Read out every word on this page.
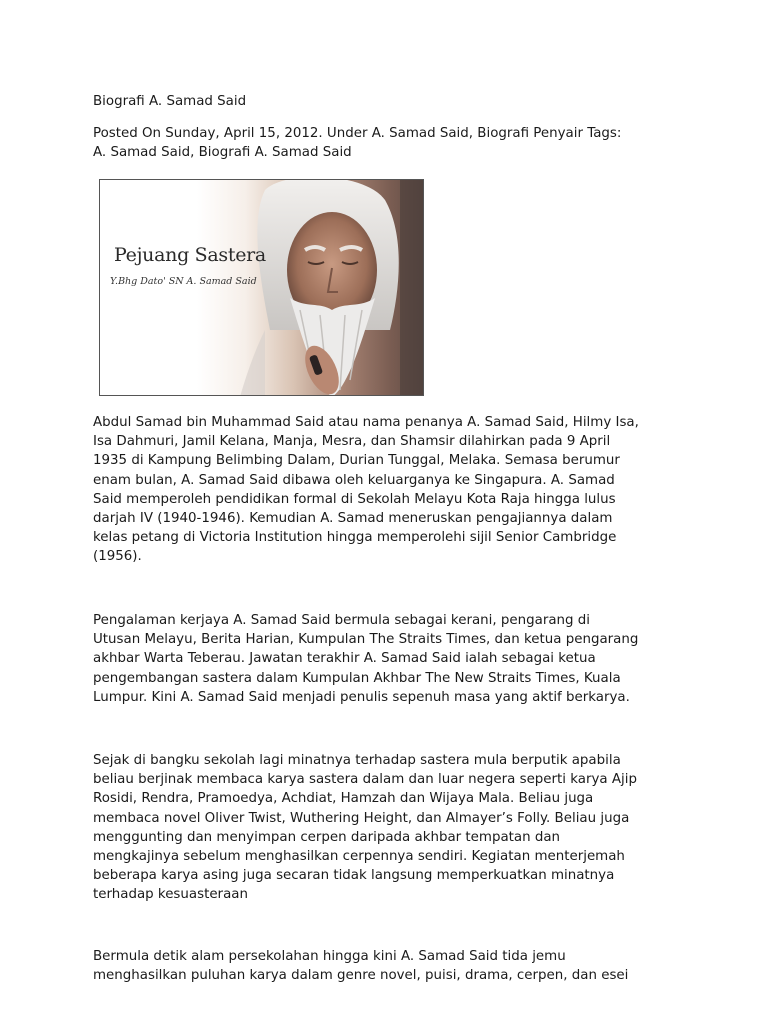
Biografi A. Samad Said
Posted On Sunday, April 15, 2012. Under A. Samad Said, Biografi Penyair Tags:
A. Samad Said, Biografi A. Samad Said
Pejuang Sastera
Y.Bhg Dato' SN A. Samad Said
Abdul Samad bin Muhammad Said atau nama penanya A. Samad Said, Hilmy Isa,
Isa Dahmuri, Jamil Kelana, Manja, Mesra, dan Shamsir dilahirkan pada 9 April
1935 di Kampung Belimbing Dalam, Durian Tunggal, Melaka. Semasa berumur
enam bulan, A. Samad Said dibawa oleh keluarganya ke Singapura. A. Samad
Said memperoleh pendidikan formal di Sekolah Melayu Kota Raja hingga lulus
darjah IV (1940-1946). Kemudian A. Samad meneruskan pengajiannya dalam
kelas petang di Victoria Institution hingga memperolehi sijil Senior Cambridge
(1956).
Pengalaman kerjaya A. Samad Said bermula sebagai kerani, pengarang di
Utusan Melayu, Berita Harian, Kumpulan The Straits Times, dan ketua pengarang
akhbar Warta Teberau. Jawatan terakhir A. Samad Said ialah sebagai ketua
pengembangan sastera dalam Kumpulan Akhbar The New Straits Times, Kuala
Lumpur. Kini A. Samad Said menjadi penulis sepenuh masa yang aktif berkarya.
Sejak di bangku sekolah lagi minatnya terhadap sastera mula berputik apabila
beliau berjinak membaca karya sastera dalam dan luar negera seperti karya Ajip
Rosidi, Rendra, Pramoedya, Achdiat, Hamzah dan Wijaya Mala. Beliau juga
membaca novel Oliver Twist, Wuthering Height, dan Almayer’s Folly. Beliau juga
menggunting dan menyimpan cerpen daripada akhbar tempatan dan
mengkajinya sebelum menghasilkan cerpennya sendiri. Kegiatan menterjemah
beberapa karya asing juga secaran tidak langsung memperkuatkan minatnya
terhadap kesuasteraan
Bermula detik alam persekolahan hingga kini A. Samad Said tida jemu
menghasilkan puluhan karya dalam genre novel, puisi, drama, cerpen, dan esei
